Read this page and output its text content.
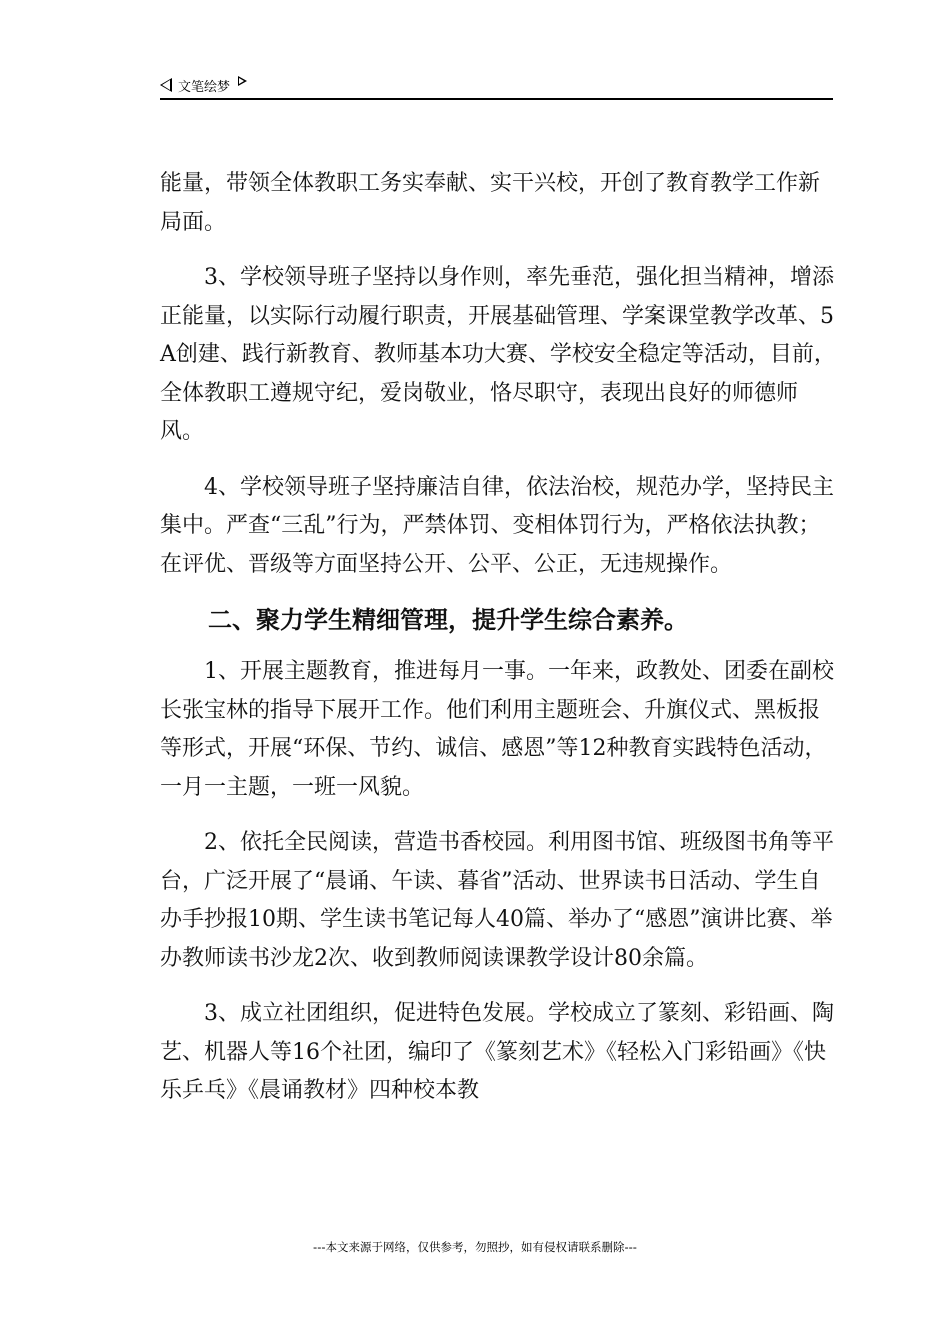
文笔绘梦

能量，带领全体教职工务实奉献、实干兴校，开创了教育教学工作新局面。

3、学校领导班子坚持以身作则，率先垂范，强化担当精神，增添正能量，以实际行动履行职责，开展基础管理、学案课堂教学改革、5A创建、践行新教育、教师基本功大赛、学校安全稳定等活动，目前，全体教职工遵规守纪，爱岗敬业，恪尽职守，表现出良好的师德师风。

4、学校领导班子坚持廉洁自律，依法治校，规范办学，坚持民主集中。严查“三乱”行为，严禁体罚、变相体罚行为，严格依法执教；在评优、晋级等方面坚持公开、公平、公正，无违规操作。

二、聚力学生精细管理，提升学生综合素养。

1、开展主题教育，推进每月一事。一年来，政教处、团委在副校长张宝林的指导下展开工作。他们利用主题班会、升旗仪式、黑板报等形式，开展“环保、节约、诚信、感恩”等12种教育实践特色活动，一月一主题，一班一风貌。

2、依托全民阅读，营造书香校园。利用图书馆、班级图书角等平台，广泛开展了“晨诵、午读、暮省”活动、世界读书日活动、学生自办手抄报10期、学生读书笔记每人40篇、举办了“感恩”演讲比赛、举办教师读书沙龙2次、收到教师阅读课教学设计80余篇。

3、成立社团组织，促进特色发展。学校成立了篆刻、彩铅画、陶艺、机器人等16个社团，编印了《篆刻艺术》《轻松入门彩铅画》《快乐乒乓》《晨诵教材》四种校本教

---本文来源于网络，仅供参考，勿照抄，如有侵权请联系删除---
